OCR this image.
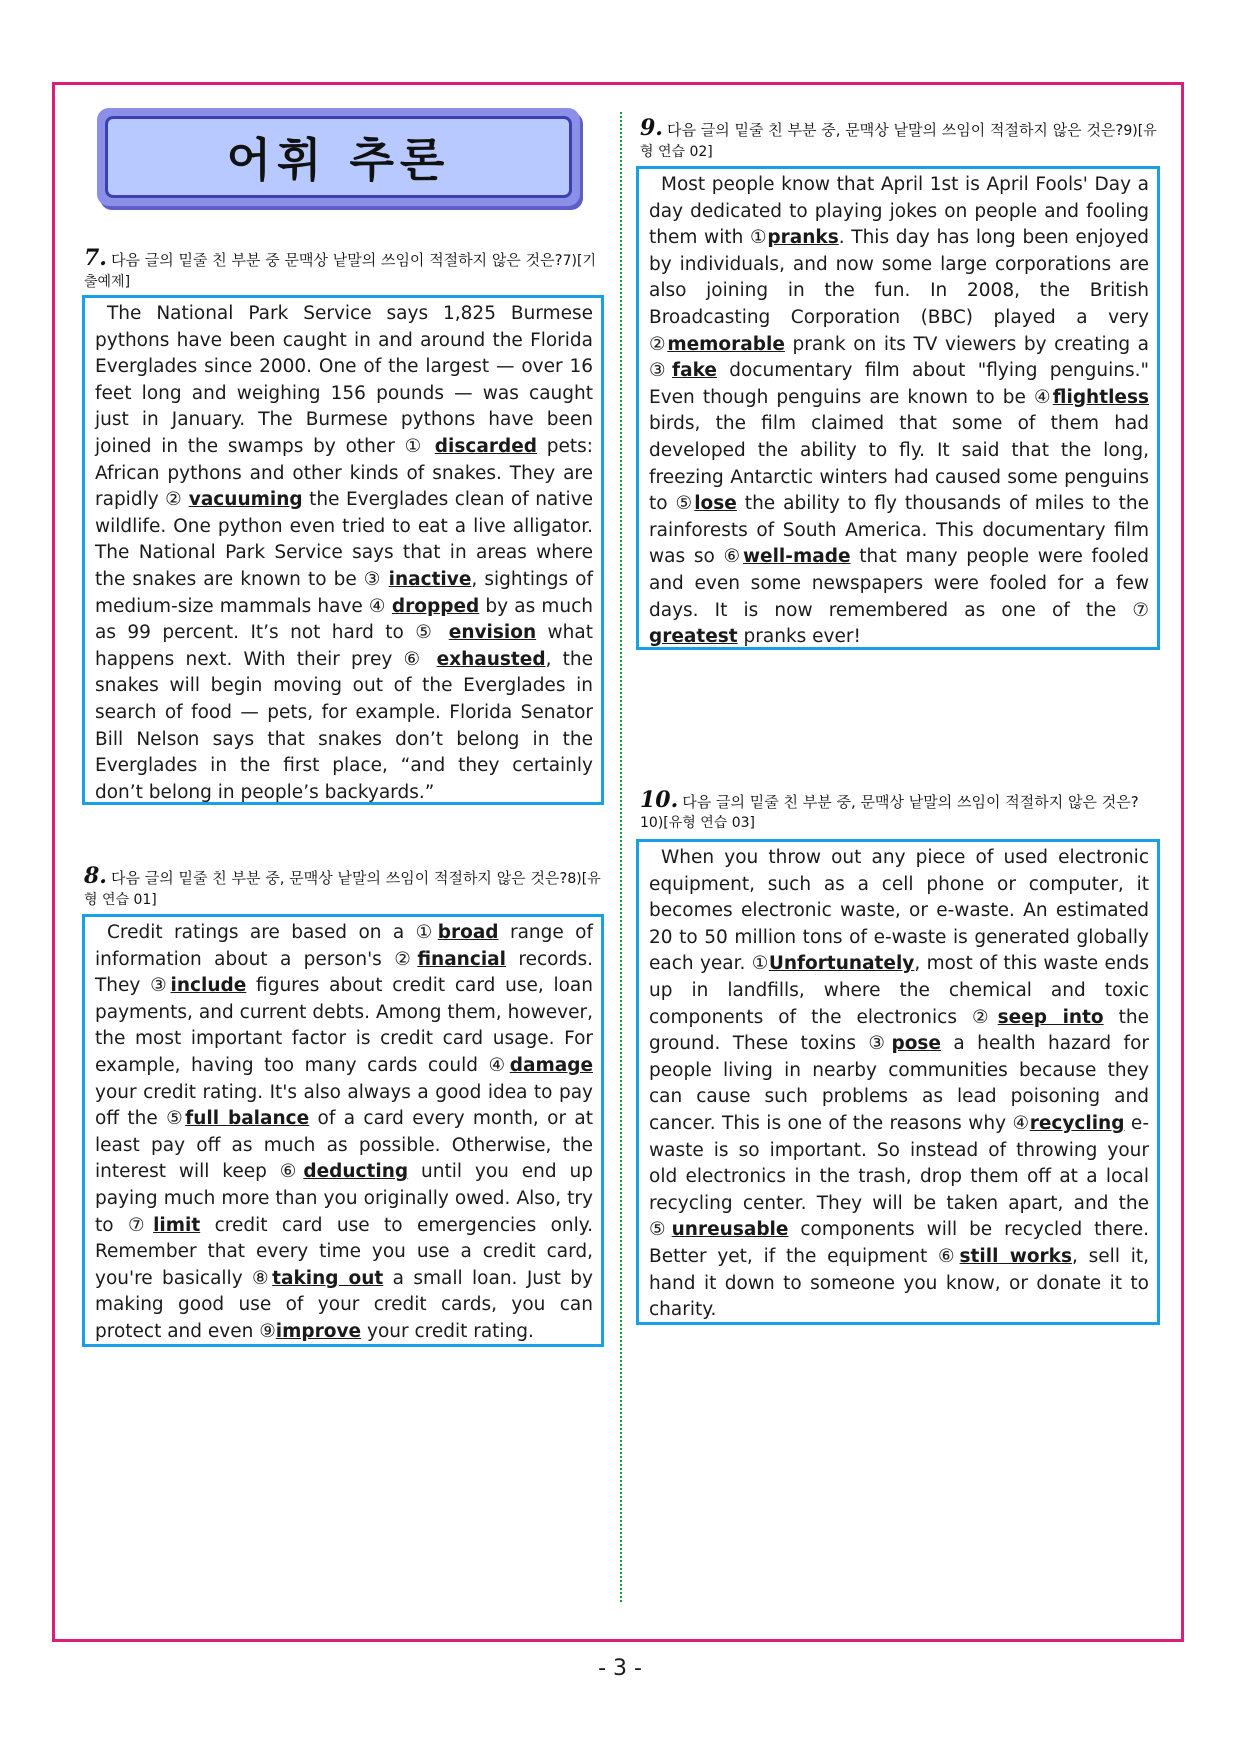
어휘 추론
7. 다음 글의 밑줄 친 부분 중 문맥상 낱말의 쓰임이 적절하지 않은 것은?7)[기출예제]

The National Park Service says 1,825 Burmese pythons have been caught in and around the Florida Everglades since 2000. One of the largest — over 16 feet long and weighing 156 pounds — was caught just in January. The Burmese pythons have been joined in the swamps by other ① discarded pets: African pythons and other kinds of snakes. They are rapidly ② vacuuming the Everglades clean of native wildlife. One python even tried to eat a live alligator. The National Park Service says that in areas where the snakes are known to be ③ inactive, sightings of medium-size mammals have ④ dropped by as much as 99 percent. It’s not hard to ⑤ envision what happens next. With their prey ⑥ exhausted, the snakes will begin moving out of the Everglades in search of food — pets, for example. Florida Senator Bill Nelson says that snakes don’t belong in the Everglades in the first place, “and they certainly don’t belong in people’s backyards.”

8. 다음 글의 밑줄 친 부분 중, 문맥상 낱말의 쓰임이 적절하지 않은 것은?8)[유형 연습 01]

Credit ratings are based on a ①broad range of information about a person's ②financial records. They ③include figures about credit card use, loan payments, and current debts. Among them, however, the most important factor is credit card usage. For example, having too many cards could ④damage your credit rating. It's also always a good idea to pay off the ⑤full balance of a card every month, or at least pay off as much as possible. Otherwise, the interest will keep ⑥deducting until you end up paying much more than you originally owed. Also, try to ⑦limit credit card use to emergencies only. Remember that every time you use a credit card, you're basically ⑧taking out a small loan. Just by making good use of your credit cards, you can protect and even ⑨improve your credit rating.

9. 다음 글의 밑줄 친 부분 중, 문맥상 낱말의 쓰임이 적절하지 않은 것은?9)[유형 연습 02]

Most people know that April 1st is April Fools' Day a day dedicated to playing jokes on people and fooling them with ①pranks. This day has long been enjoyed by individuals, and now some large corporations are also joining in the fun. In 2008, the British Broadcasting Corporation (BBC) played a very ②memorable prank on its TV viewers by creating a ③fake documentary film about "flying penguins." Even though penguins are known to be ④flightless birds, the film claimed that some of them had developed the ability to fly. It said that the long, freezing Antarctic winters had caused some penguins to ⑤lose the ability to fly thousands of miles to the rainforests of South America. This documentary film was so ⑥well-made that many people were fooled and even some newspapers were fooled for a few days. It is now remembered as one of the ⑦ greatest pranks ever!

10. 다음 글의 밑줄 친 부분 중, 문맥상 낱말의 쓰임이 적절하지 않은 것은?10)[유형 연습 03]

When you throw out any piece of used electronic equipment, such as a cell phone or computer, it becomes electronic waste, or e-waste. An estimated 20 to 50 million tons of e-waste is generated globally each year. ①Unfortunately, most of this waste ends up in landfills, where the chemical and toxic components of the electronics ②seep into the ground. These toxins ③pose a health hazard for people living in nearby communities because they can cause such problems as lead poisoning and cancer. This is one of the reasons why ④recycling e-waste is so important. So instead of throwing your old electronics in the trash, drop them off at a local recycling center. They will be taken apart, and the ⑤unreusable components will be recycled there. Better yet, if the equipment ⑥still works, sell it, hand it down to someone you know, or donate it to charity.

- 3 -
